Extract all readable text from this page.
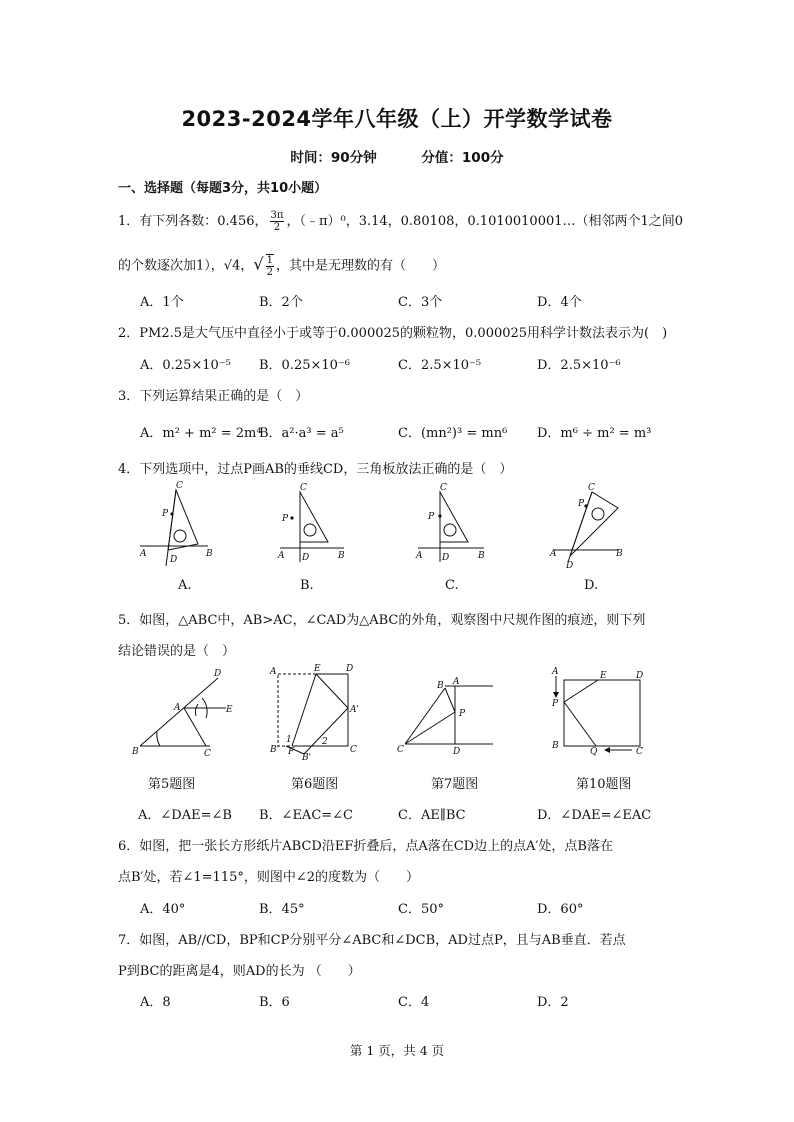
2023-2024学年八年级（上）开学数学试卷
时间：90分钟	分值：100分
一、选择题（每题3分，共10小题）
1．有下列各数：0.456， $\frac{3\pi}{2}$ ，（﹣π）⁰，3.14，0.80108，0.1010010001…（相邻两个1之间0
的个数逐次加1），√4，√ $\frac{1}{2}$ ，其中是无理数的有（　　）
A．1个	B．2个	C．3个	D．4个
2．PM2.5是大气压中直径小于或等于0.000025的颗粒物，0.000025用科学计数法表示为(　)
A．0.25×10⁻⁵ B．0.25×10⁻⁶	C．2.5×10⁻⁵	D．2.5×10⁻⁶
3．下列运算结果正确的是（　）
A．m² + m² = 2m⁴
B．a²·a³ = a⁵	C．(mn²)³ = mn⁶ D．m⁶ ÷ m² = m³
4．下列选项中，过点P画AB的垂线CD，三角板放法正确的是（　）
C
P
A	B
D
C
P
A	B
D
C
P
A	B
D
C
P
A	B
D
A.	B.	C.	D.
5．如图，△ABC中，AB>AC，∠CAD为△ABC的外角，观察图中尺规作图的痕迹，则下列
结论错误的是（　）
D
A	E
B	C
E	D
A
A'
B'
1	2
F
B'
C
B A
P
C	D
A	E	D
P
B
Q	C
第5题图	第6题图	第7题图	第10题图
A．∠DAE=∠B B．∠EAC=∠C	C．AE∥BC	D．∠DAE=∠EAC
6．如图，把一张长方形纸片ABCD沿EF折叠后，点A落在CD边上的点A′处，点B落在
点B′处，若∠1=115°，则图中∠2的度数为（　　）
A．40°	B．45°	C．50°	D．60°
7．如图，AB//CD，BP和CP分别平分∠ABC和∠DCB，AD过点P，且与AB垂直．若点
P到BC的距离是4，则AD的长为 （　　）
A．8	B．6	C．4	D．2
第 1 页，共 4 页
